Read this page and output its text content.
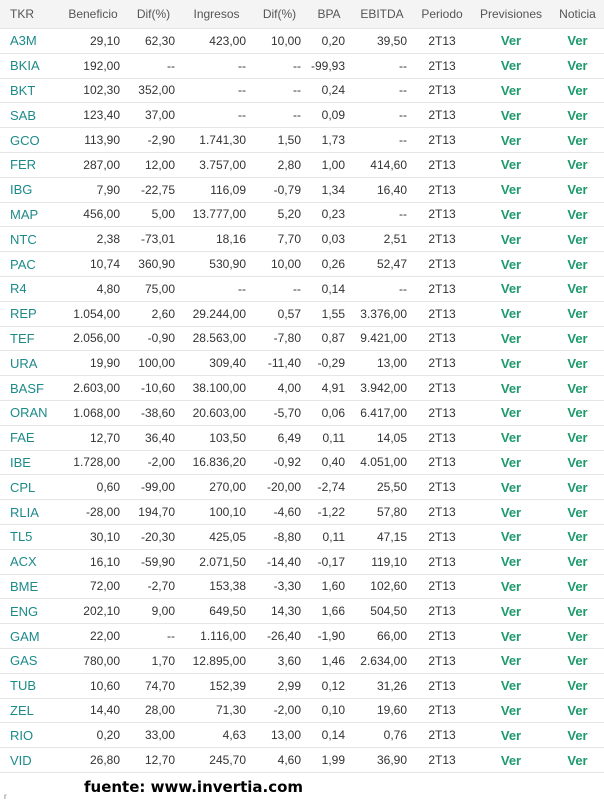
TKR	Beneficio	Dif(%)	Ingresos	Dif(%)	BPA	EBITDA	Periodo	Previsiones	Noticia
A3M	29,10	62,30	423,00	10,00	0,20	39,50	2T13	Ver	Ver
BKIA	192,00	--	--	--	-99,93	--	2T13	Ver	Ver
BKT	102,30	352,00	--	--	0,24	--	2T13	Ver	Ver
SAB	123,40	37,00	--	--	0,09	--	2T13	Ver	Ver
GCO	113,90	-2,90	1.741,30	1,50	1,73	--	2T13	Ver	Ver
FER	287,00	12,00	3.757,00	2,80	1,00	414,60	2T13	Ver	Ver
IBG	7,90	-22,75	116,09	-0,79	1,34	16,40	2T13	Ver	Ver
MAP	456,00	5,00	13.777,00	5,20	0,23	--	2T13	Ver	Ver
NTC	2,38	-73,01	18,16	7,70	0,03	2,51	2T13	Ver	Ver
PAC	10,74	360,90	530,90	10,00	0,26	52,47	2T13	Ver	Ver
R4	4,80	75,00	--	--	0,14	--	2T13	Ver	Ver
REP	1.054,00	2,60	29.244,00	0,57	1,55	3.376,00	2T13	Ver	Ver
TEF	2.056,00	-0,90	28.563,00	-7,80	0,87	9.421,00	2T13	Ver	Ver
URA	19,90	100,00	309,40	-11,40	-0,29	13,00	2T13	Ver	Ver
BASF	2.603,00	-10,60	38.100,00	4,00	4,91	3.942,00	2T13	Ver	Ver
ORAN	1.068,00	-38,60	20.603,00	-5,70	0,06	6.417,00	2T13	Ver	Ver
FAE	12,70	36,40	103,50	6,49	0,11	14,05	2T13	Ver	Ver
IBE	1.728,00	-2,00	16.836,20	-0,92	0,40	4.051,00	2T13	Ver	Ver
CPL	0,60	-99,00	270,00	-20,00	-2,74	25,50	2T13	Ver	Ver
RLIA	-28,00	194,70	100,10	-4,60	-1,22	57,80	2T13	Ver	Ver
TL5	30,10	-20,30	425,05	-8,80	0,11	47,15	2T13	Ver	Ver
ACX	16,10	-59,90	2.071,50	-14,40	-0,17	119,10	2T13	Ver	Ver
BME	72,00	-2,70	153,38	-3,30	1,60	102,60	2T13	Ver	Ver
ENG	202,10	9,00	649,50	14,30	1,66	504,50	2T13	Ver	Ver
GAM	22,00	--	1.116,00	-26,40	-1,90	66,00	2T13	Ver	Ver
GAS	780,00	1,70	12.895,00	3,60	1,46	2.634,00	2T13	Ver	Ver
TUB	10,60	74,70	152,39	2,99	0,12	31,26	2T13	Ver	Ver
ZEL	14,40	28,00	71,30	-2,00	0,10	19,60	2T13	Ver	Ver
RIO	0,20	33,00	4,63	13,00	0,14	0,76	2T13	Ver	Ver
VID	26,80	12,70	245,70	4,60	1,99	36,90	2T13	Ver	Ver
fuente: www.invertia.com
r
